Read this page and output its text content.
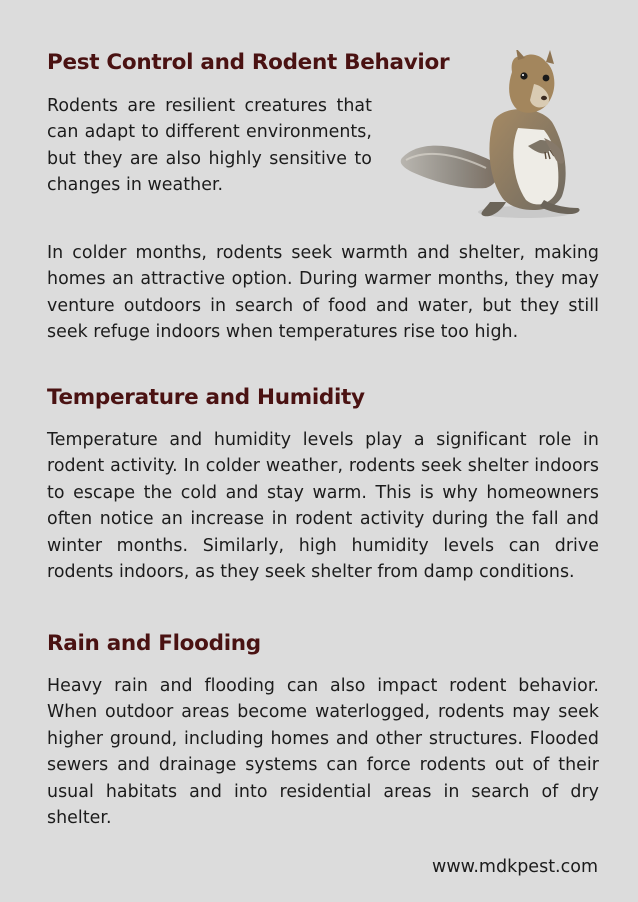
Pest Control and Rodent Behavior

Rodents are resilient creatures that can adapt to different environments, but they are also highly sensitive to changes in weather.

In colder months, rodents seek warmth and shelter, making homes an attractive option. During warmer months, they may venture outdoors in search of food and water, but they still seek refuge indoors when temperatures rise too high.

Temperature and Humidity

Temperature and humidity levels play a significant role in rodent activity. In colder weather, rodents seek shelter indoors to escape the cold and stay warm. This is why homeowners often notice an increase in rodent activity during the fall and winter months. Similarly, high humidity levels can drive rodents indoors, as they seek shelter from damp conditions.

Rain and Flooding

Heavy rain and flooding can also impact rodent behavior. When outdoor areas become waterlogged, rodents may seek higher ground, including homes and other structures. Flooded sewers and drainage systems can force rodents out of their usual habitats and into residential areas in search of dry shelter.

www.mdkpest.com
